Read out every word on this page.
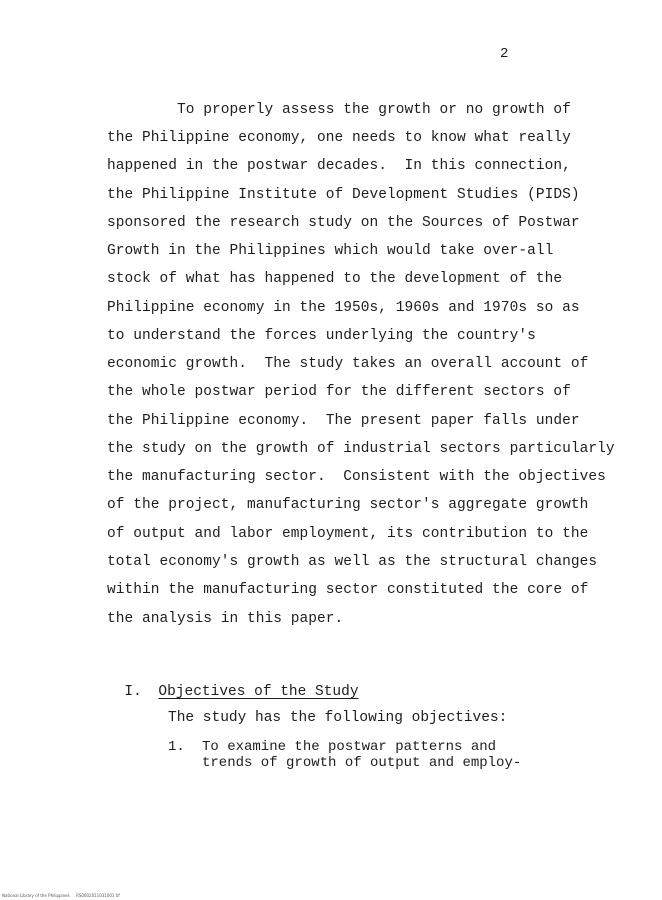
2
To properly assess the growth or no growth of
the Philippine economy, one needs to know what really
happened in the postwar decades.  In this connection,
the Philippine Institute of Development Studies (PIDS)
sponsored the research study on the Sources of Postwar
Growth in the Philippines which would take over-all
stock of what has happened to the development of the
Philippine economy in the 1950s, 1960s and 1970s so as
to understand the forces underlying the country's
economic growth.  The study takes an overall account of
the whole postwar period for the different sectors of
the Philippine economy.  The present paper falls under
the study on the growth of industrial sectors particularly
the manufacturing sector.  Consistent with the objectives
of the project, manufacturing sector's aggregate growth
of output and labor employment, its contribution to the
total economy's growth as well as the structural changes
within the manufacturing sector constituted the core of
the analysis in this paper.

I. Objectives of the Study

The study has the following objectives:
1. To examine the postwar patterns and
trends of growth of output and employ-
National Library of the Philippines     RS0002011031001 tif
